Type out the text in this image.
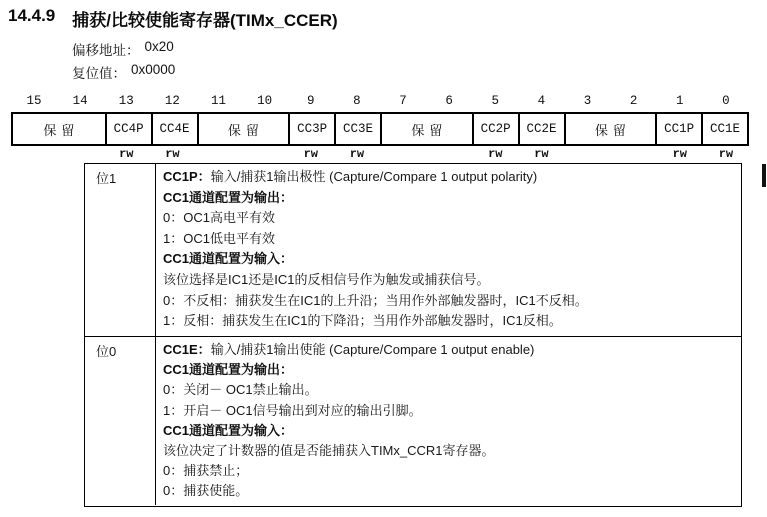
14.4.9 捕获/比较使能寄存器(TIMx_CCER)
偏移地址： 0x20
复位值： 0x0000
15	14	13	12	11	10	9	8	7	6	5	4	3	2	1	0
保留	CC4P	CC4E	保留	CC3P	CC3E	保留	CC2P	CC2E	保留	CC1P	CC1E
rw	rw	rw	rw	rw	rw	rw	rw
位1	CC1P：输入/捕获1输出极性 (Capture/Compare 1 output polarity)
CC1通道配置为输出：
0：OC1高电平有效
1：OC1低电平有效
CC1通道配置为输入：
该位选择是IC1还是IC1的反相信号作为触发或捕获信号。
0：不反相：捕获发生在IC1的上升沿；当用作外部触发器时，IC1不反相。
1：反相：捕获发生在IC1的下降沿；当用作外部触发器时，IC1反相。
位0	CC1E：输入/捕获1输出使能 (Capture/Compare 1 output enable)
CC1通道配置为输出：
0：关闭－ OC1禁止输出。
1：开启－ OC1信号输出到对应的输出引脚。
CC1通道配置为输入：
该位决定了计数器的值是否能捕获入TIMx_CCR1寄存器。
0：捕获禁止；
0：捕获使能。
